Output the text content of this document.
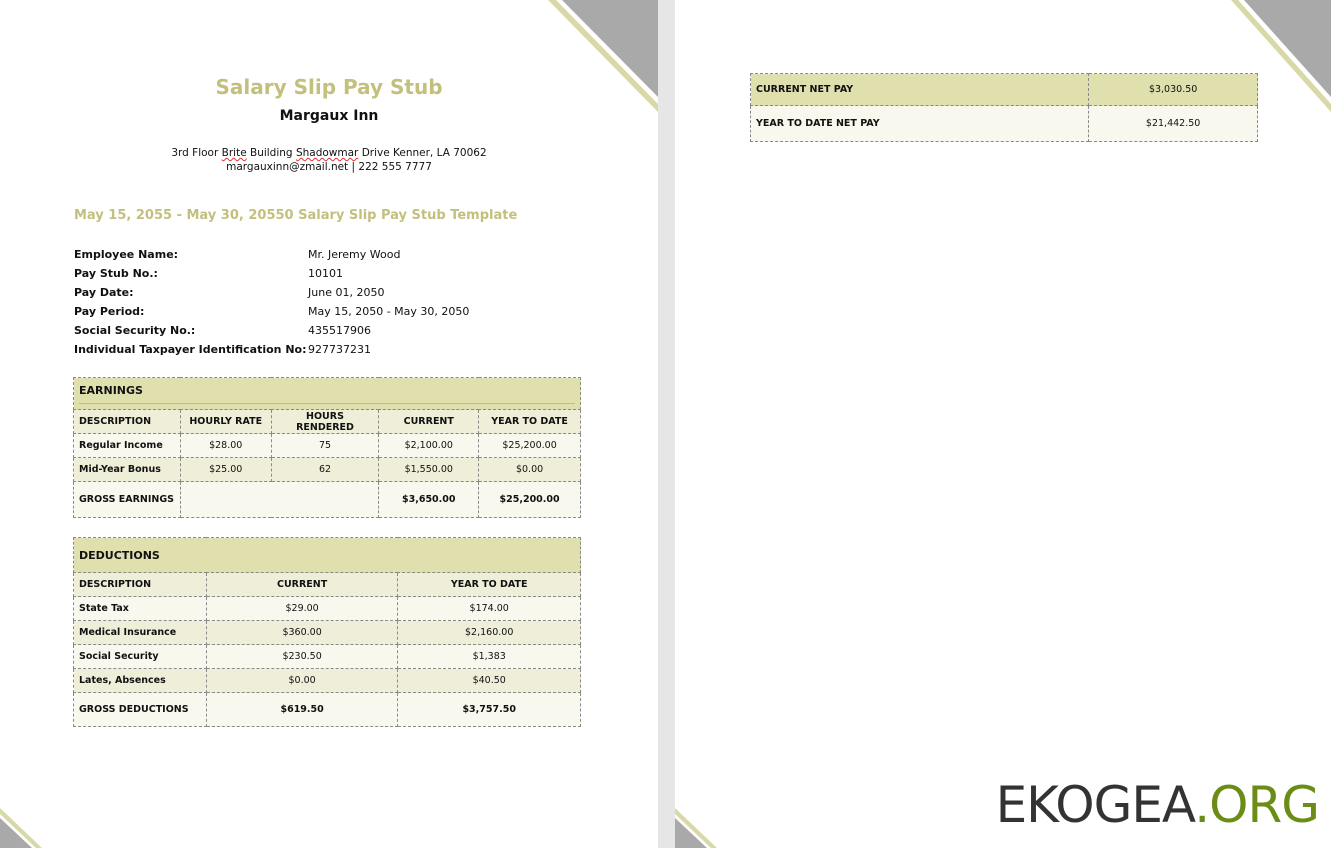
Salary Slip Pay Stub
Margaux Inn
3rd Floor Brite Building Shadowmar Drive Kenner, LA 70062
margauxinn@zmail.net | 222 555 7777
May 15, 2055 - May 30, 20550 Salary Slip Pay Stub Template
Employee Name:	Mr. Jeremy Wood
Pay Stub No.:	10101
Pay Date:	June 01, 2050
Pay Period:	May 15, 2050 - May 30, 2050
Social Security No.:	435517906
Individual Taxpayer Identification No: 927737231
EARNINGS				

DESCRIPTION	HOURLY RATE	HOURS RENDERED	CURRENT	YEAR TO DATE
Regular Income	$28.00	75	$2,100.00	$25,200.00
Mid-Year Bonus	$25.00	62	$1,550.00	$0.00
GROSS EARNINGS			$3,650.00	$25,200.00
DEDUCTIONS		
DESCRIPTION	CURRENT	YEAR TO DATE
State Tax	$29.00	$174.00
Medical Insurance	$360.00	$2,160.00
Social Security	$230.50	$1,383
Lates, Absences	$0.00	$40.50
GROSS DEDUCTIONS	$619.50	$3,757.50
CURRENT NET PAY	$3,030.50
YEAR TO DATE NET PAY	$21,442.50
EKOGEA.ORG
